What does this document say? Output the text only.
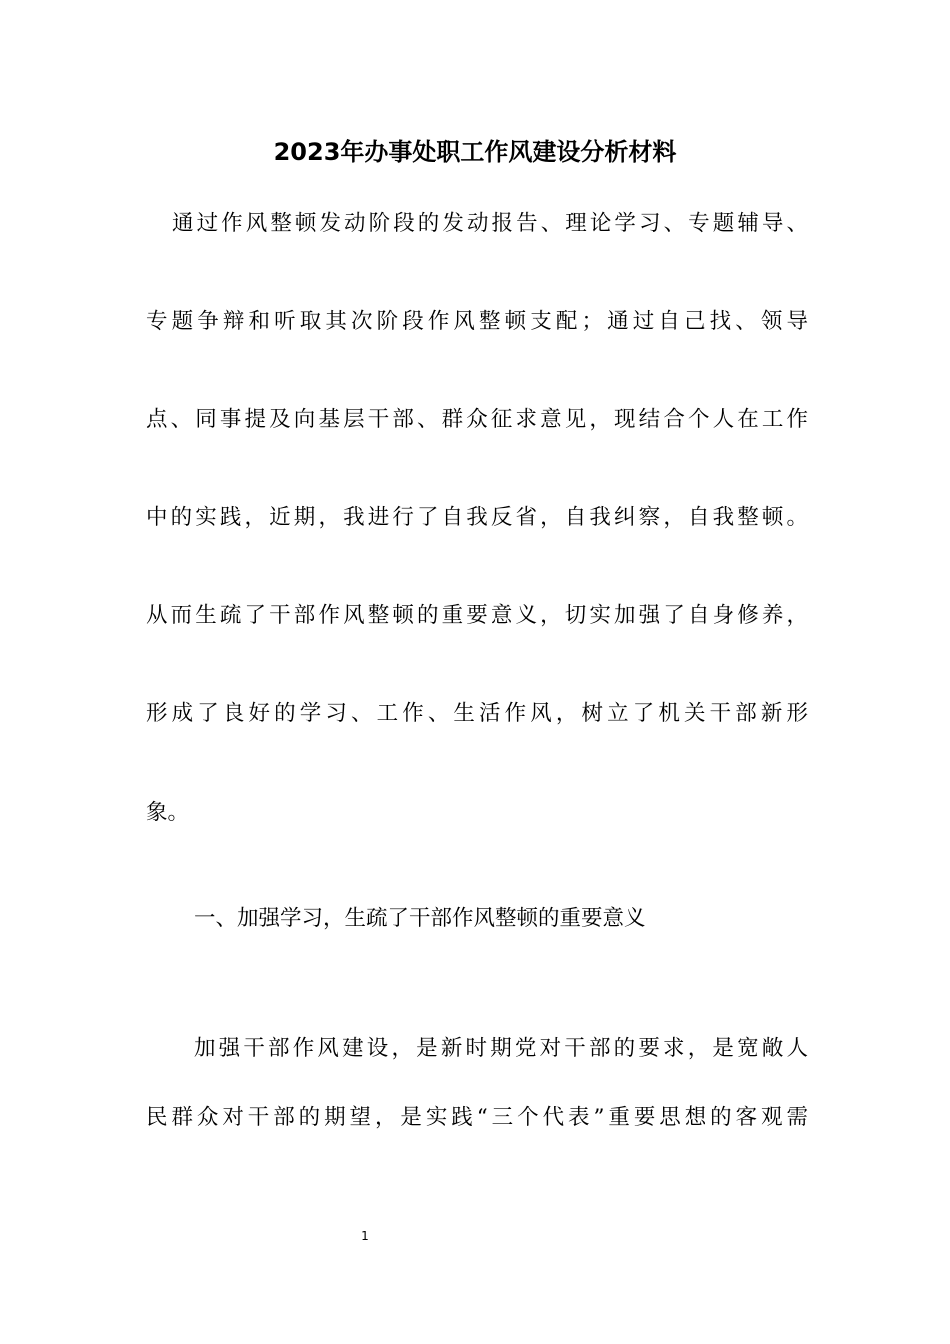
2023年办事处职工作风建设分析材料
通过作风整顿发动阶段的发动报告、理论学习、专题辅导、
专题争辩和听取其次阶段作风整顿支配；通过自己找、领导
点、同事提及向基层干部、群众征求意见，现结合个人在工作
中的实践，近期，我进行了自我反省，自我纠察，自我整顿。
从而生疏了干部作风整顿的重要意义，切实加强了自身修养，
形成了良好的学习、工作、生活作风，树立了机关干部新形
象。
一、加强学习，生疏了干部作风整顿的重要意义
加强干部作风建设，是新时期党对干部的要求，是宽敞人
民群众对干部的期望，是实践“三个代表”重要思想的客观需
1
